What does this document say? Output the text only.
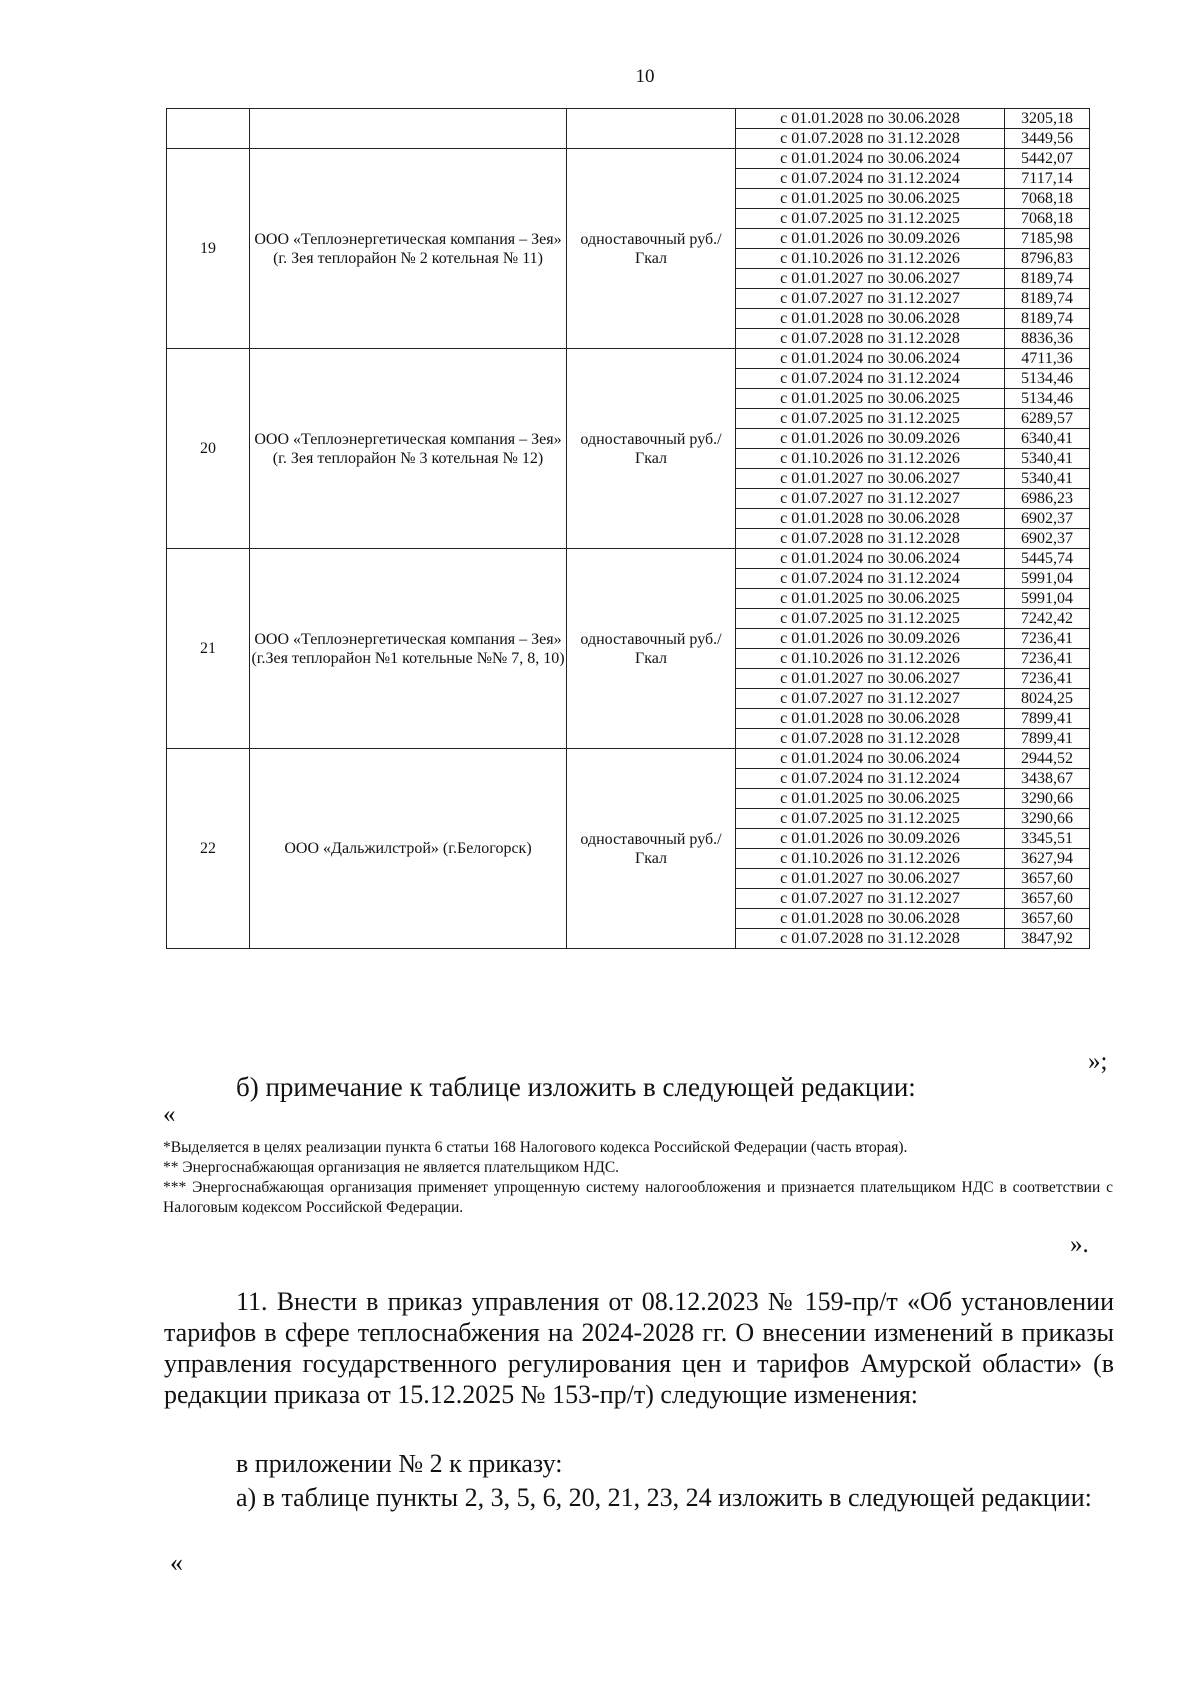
10
			с 01.01.2028 по 30.06.2028	3205,18
			с 01.07.2028 по 31.12.2028	3449,56
19	ООО «Теплоэнергетическая компания – Зея» (г. Зея теплорайон № 2 котельная № 11)	одноставочный руб./Гкал	с 01.01.2024 по 30.06.2024	5442,07
			с 01.07.2024 по 31.12.2024	7117,14
			с 01.01.2025 по 30.06.2025	7068,18
			с 01.07.2025 по 31.12.2025	7068,18
			с 01.01.2026 по 30.09.2026	7185,98
			с 01.10.2026 по 31.12.2026	8796,83
			с 01.01.2027 по 30.06.2027	8189,74
			с 01.07.2027 по 31.12.2027	8189,74
			с 01.01.2028 по 30.06.2028	8189,74
			с 01.07.2028 по 31.12.2028	8836,36
20	ООО «Теплоэнергетическая компания – Зея» (г. Зея теплорайон № 3 котельная № 12)	одноставочный руб./Гкал	с 01.01.2024 по 30.06.2024	4711,36
			с 01.07.2024 по 31.12.2024	5134,46
			с 01.01.2025 по 30.06.2025	5134,46
			с 01.07.2025 по 31.12.2025	6289,57
			с 01.01.2026 по 30.09.2026	6340,41
			с 01.10.2026 по 31.12.2026	5340,41
			с 01.01.2027 по 30.06.2027	5340,41
			с 01.07.2027 по 31.12.2027	6986,23
			с 01.01.2028 по 30.06.2028	6902,37
			с 01.07.2028 по 31.12.2028	6902,37
21	ООО «Теплоэнергетическая компания – Зея» (г.Зея теплорайон №1 котельные №№ 7, 8, 10)	одноставочный руб./Гкал	с 01.01.2024 по 30.06.2024	5445,74
			с 01.07.2024 по 31.12.2024	5991,04
			с 01.01.2025 по 30.06.2025	5991,04
			с 01.07.2025 по 31.12.2025	7242,42
			с 01.01.2026 по 30.09.2026	7236,41
			с 01.10.2026 по 31.12.2026	7236,41
			с 01.01.2027 по 30.06.2027	7236,41
			с 01.07.2027 по 31.12.2027	8024,25
			с 01.01.2028 по 30.06.2028	7899,41
			с 01.07.2028 по 31.12.2028	7899,41
22	ООО «Дальжилстрой» (г.Белогорск)	одноставочный руб./Гкал	с 01.01.2024 по 30.06.2024	2944,52
			с 01.07.2024 по 31.12.2024	3438,67
			с 01.01.2025 по 30.06.2025	3290,66
			с 01.07.2025 по 31.12.2025	3290,66
			с 01.01.2026 по 30.09.2026	3345,51
			с 01.10.2026 по 31.12.2026	3627,94
			с 01.01.2027 по 30.06.2027	3657,60
			с 01.07.2027 по 31.12.2027	3657,60
			с 01.01.2028 по 30.06.2028	3657,60
			с 01.07.2028 по 31.12.2028	3847,92
»;
б) примечание к таблице изложить в следующей редакции:
«

*Выделяется в целях реализации пункта 6 статьи 168 Налогового кодекса Российской Федерации (часть вторая).

** Энергоснабжающая организация не является плательщиком НДС.

*** Энергоснабжающая организация применяет упрощенную систему налогообложения и признается плательщиком НДС в соответствии с Налоговым кодексом Российской Федерации.

».
11. Внести в приказ управления от 08.12.2023 № 159-пр/т «Об установлении тарифов в сфере теплоснабжения на 2024-2028 гг. О внесении изменений в приказы управления государственного регулирования цен и тарифов Амурской области» (в редакции приказа от 15.12.2025 № 153-пр/т) следующие изменения:
в приложении № 2 к приказу:
а) в таблице пункты 2, 3, 5, 6, 20, 21, 23, 24 изложить в следующей редакции:
«
